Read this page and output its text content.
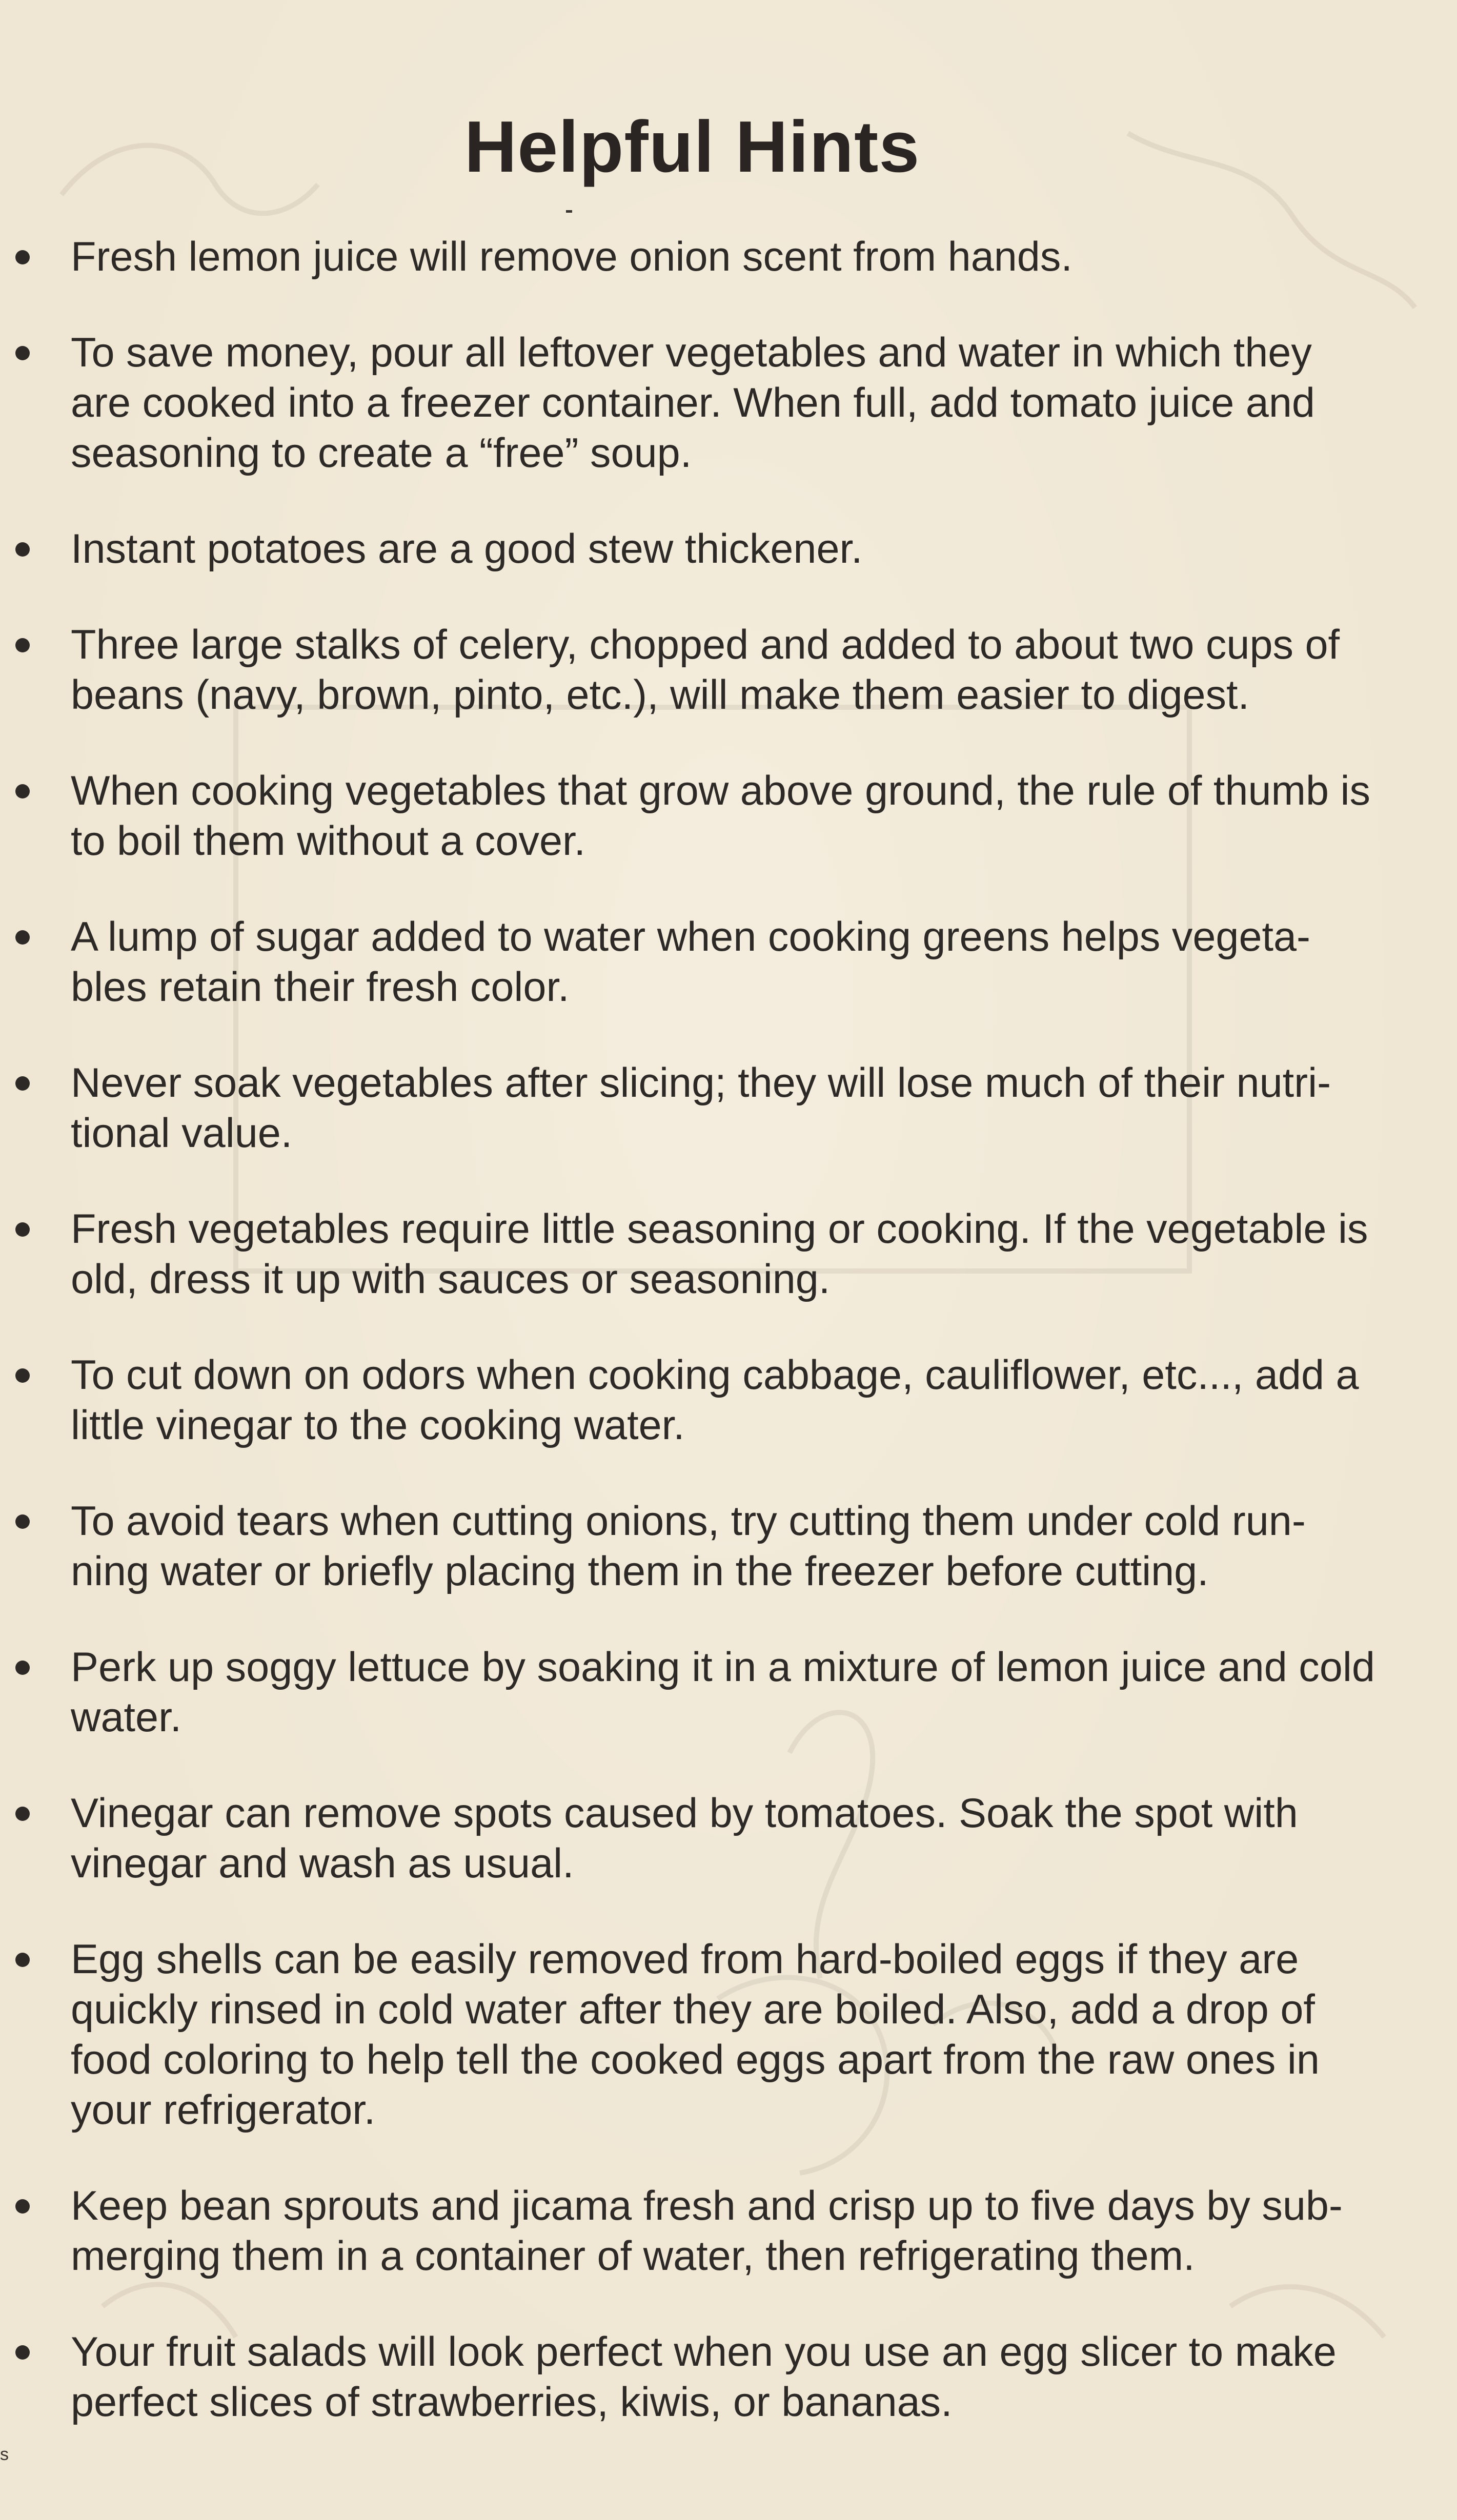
Helpful Hints
Fresh lemon juice will remove onion scent from hands.
To save money, pour all leftover vegetables and water in which they are cooked into a freezer container. When full, add tomato juice and seasoning to create a “free” soup.
Instant potatoes are a good stew thickener.
Three large stalks of celery, chopped and added to about two cups of beans (navy, brown, pinto, etc.), will make them easier to digest.
When cooking vegetables that grow above ground, the rule of thumb is to boil them without a cover.
A lump of sugar added to water when cooking greens helps vegeta-bles retain their fresh color.
Never soak vegetables after slicing; they will lose much of their nutri-tional value.
Fresh vegetables require little seasoning or cooking. If the vegetable is old, dress it up with sauces or seasoning.
To cut down on odors when cooking cabbage, cauliflower, etc..., add a little vinegar to the cooking water.
To avoid tears when cutting onions, try cutting them under cold run-ning water or briefly placing them in the freezer before cutting.
Perk up soggy lettuce by soaking it in a mixture of lemon juice and cold water.
Vinegar can remove spots caused by tomatoes. Soak the spot with vinegar and wash as usual.
Egg shells can be easily removed from hard-boiled eggs if they are quickly rinsed in cold water after they are boiled. Also, add a drop of food coloring to help tell the cooked eggs apart from the raw ones in your refrigerator.
Keep bean sprouts and jicama fresh and crisp up to five days by sub-merging them in a container of water, then refrigerating them.
Your fruit salads will look perfect when you use an egg slicer to make perfect slices of strawberries, kiwis, or bananas.
s
